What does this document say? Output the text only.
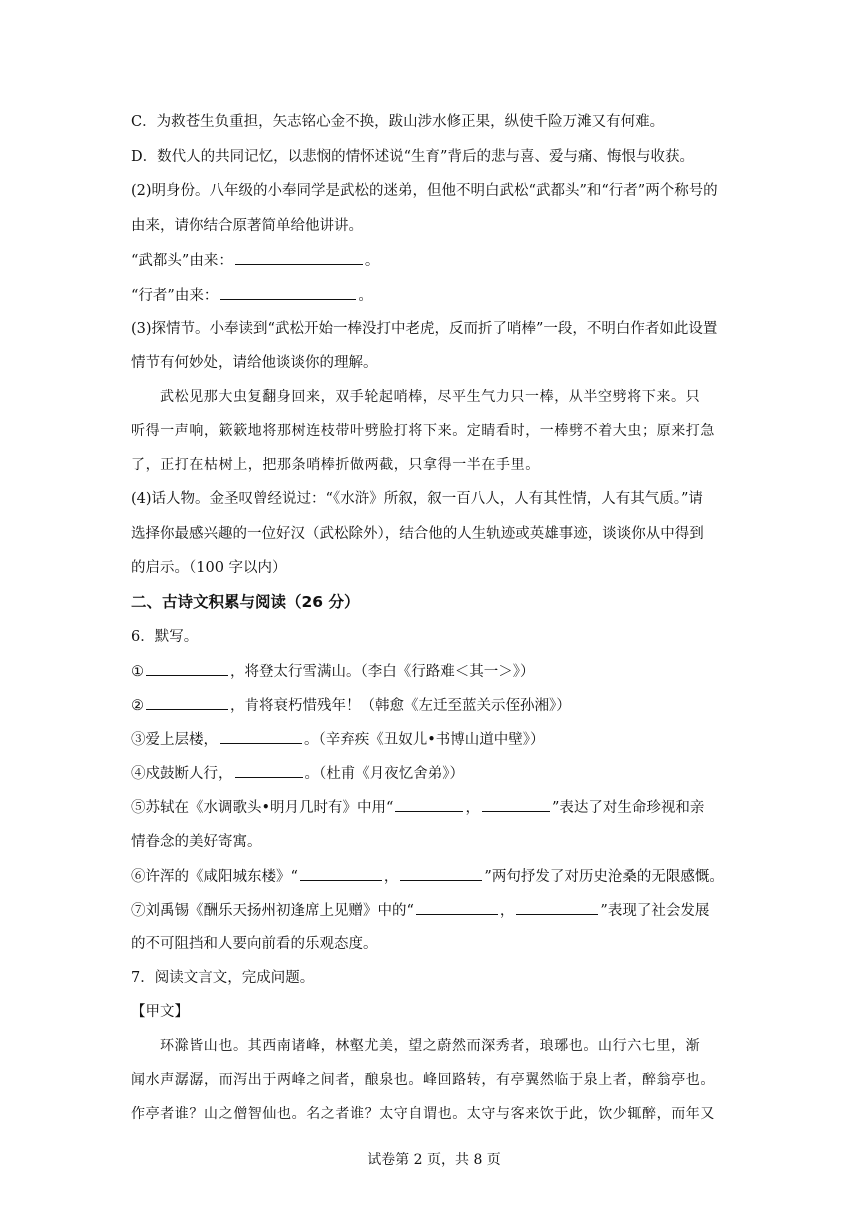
C．为救苍生负重担，矢志铭心金不换，跋山涉水修正果，纵使千险万滩又有何难。
D．数代人的共同记忆，以悲悯的情怀述说“生育”背后的悲与喜、爱与痛、悔恨与收获。
(2)明身份。八年级的小奉同学是武松的迷弟，但他不明白武松“武都头”和“行者”两个称号的
由来，请你结合原著简单给他讲讲。
“武都头”由来：	。
“行者”由来：	。
(3)探情节。小奉读到“武松开始一棒没打中老虎，反而折了哨棒”一段，不明白作者如此设置
情节有何妙处，请给他谈谈你的理解。
武松见那大虫复翻身回来，双手轮起哨棒，尽平生气力只一棒，从半空劈将下来。只
听得一声响，簌簌地将那树连枝带叶劈脸打将下来。定睛看时，一棒劈不着大虫；原来打急
了，正打在枯树上，把那条哨棒折做两截，只拿得一半在手里。
(4)话人物。金圣叹曾经说过：“《水浒》所叙，叙一百八人，人有其性情，人有其气质。”请
选择你最感兴趣的一位好汉（武松除外），结合他的人生轨迹或英雄事迹，谈谈你从中得到
的启示。（100 字以内）
二、古诗文积累与阅读（26 分）
6．默写。
①	，将登太行雪满山。（李白《行路难＜其一＞》）
②	，肯将衰朽惜残年！（韩愈《左迁至蓝关示侄孙湘》）
③爱上层楼，	。（辛弃疾《丑奴儿•书博山道中壁》）
④戍鼓断人行，	。（杜甫《月夜忆舍弟》）
⑤苏轼在《水调歌头•明月几时有》中用“	，	”表达了对生命珍视和亲
情眷念的美好寄寓。
⑥许浑的《咸阳城东楼》“	，	”两句抒发了对历史沧桑的无限感慨。
⑦刘禹锡《酬乐天扬州初逢席上见赠》中的“	，	”表现了社会发展
的不可阻挡和人要向前看的乐观态度。
7．阅读文言文，完成问题。
【甲文】
环滁皆山也。其西南诸峰，林壑尤美，望之蔚然而深秀者，琅琊也。山行六七里，渐
闻水声潺潺，而泻出于两峰之间者，酿泉也。峰回路转，有亭翼然临于泉上者，醉翁亭也。
作亭者谁？山之僧智仙也。名之者谁？太守自谓也。太守与客来饮于此，饮少辄醉，而年又
试卷第 2 页，共 8 页
